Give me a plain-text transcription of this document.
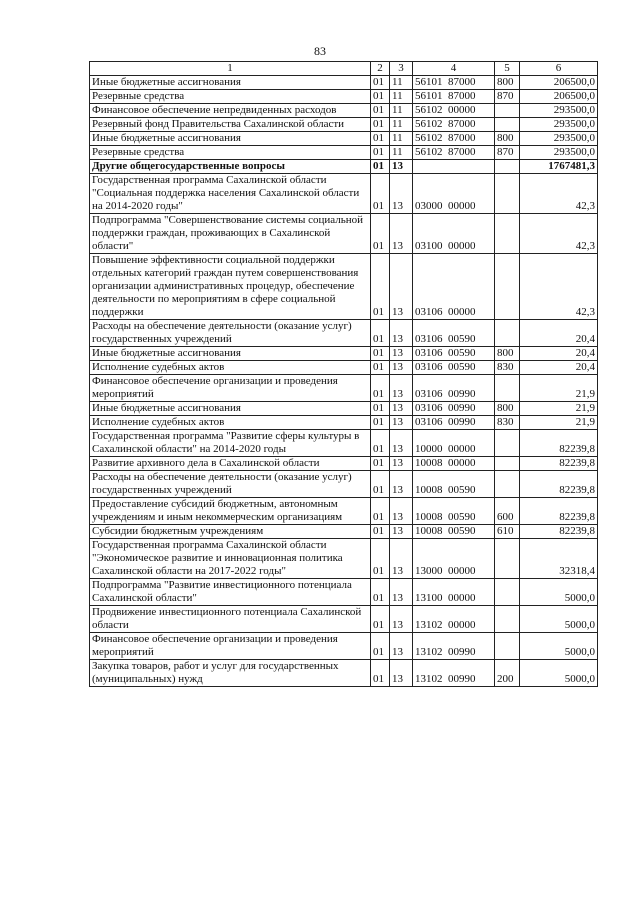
83
1	2	3	4	5	6
Иные бюджетные ассигнования	01	11	56101  87000	800	206500,0
Резервные средства	01	11	56101  87000	870	206500,0
Финансовое обеспечение непредвиденных расходов	01	11	56102  00000		293500,0
Резервный фонд Правительства Сахалинской области	01	11	56102  87000		293500,0
Иные бюджетные ассигнования	01	11	56102  87000	800	293500,0
Резервные средства	01	11	56102  87000	870	293500,0
Другие общегосударственные вопросы	01	13			1767481,3
Государственная программа Сахалинской области "Социальная поддержка населения Сахалинской области на 2014-2020 годы"	01	13	03000  00000		42,3
Подпрограмма "Совершенствование системы социальной поддержки граждан, проживающих в Сахалинской области"	01	13	03100  00000		42,3
Повышение эффективности социальной поддержки отдельных категорий граждан путем совершенствования организации административных процедур, обеспечение деятельности по мероприятиям в сфере социальной поддержки	01	13	03106  00000		42,3
Расходы на обеспечение деятельности (оказание услуг) государственных учреждений	01	13	03106  00590		20,4
Иные бюджетные ассигнования	01	13	03106  00590	800	20,4
Исполнение судебных актов	01	13	03106  00590	830	20,4
Финансовое обеспечение организации и проведения мероприятий	01	13	03106  00990		21,9
Иные бюджетные ассигнования	01	13	03106  00990	800	21,9
Исполнение судебных актов	01	13	03106  00990	830	21,9
Государственная программа "Развитие сферы культуры в Сахалинской области" на 2014-2020 годы	01	13	10000  00000		82239,8
Развитие архивного дела в Сахалинской области	01	13	10008  00000		82239,8
Расходы на обеспечение деятельности (оказание услуг) государственных учреждений	01	13	10008  00590		82239,8
Предоставление субсидий бюджетным, автономным учреждениям и иным некоммерческим организациям	01	13	10008  00590	600	82239,8
Субсидии бюджетным учреждениям	01	13	10008  00590	610	82239,8
Государственная программа Сахалинской области "Экономическое развитие и инновационная политика Сахалинской области на 2017-2022 годы"	01	13	13000  00000		32318,4
Подпрограмма "Развитие инвестиционного потенциала Сахалинской области"	01	13	13100  00000		5000,0
Продвижение инвестиционного потенциала Сахалинской области	01	13	13102  00000		5000,0
Финансовое обеспечение организации и проведения мероприятий	01	13	13102  00990		5000,0
Закупка товаров, работ и услуг для государственных (муниципальных) нужд	01	13	13102  00990	200	5000,0
